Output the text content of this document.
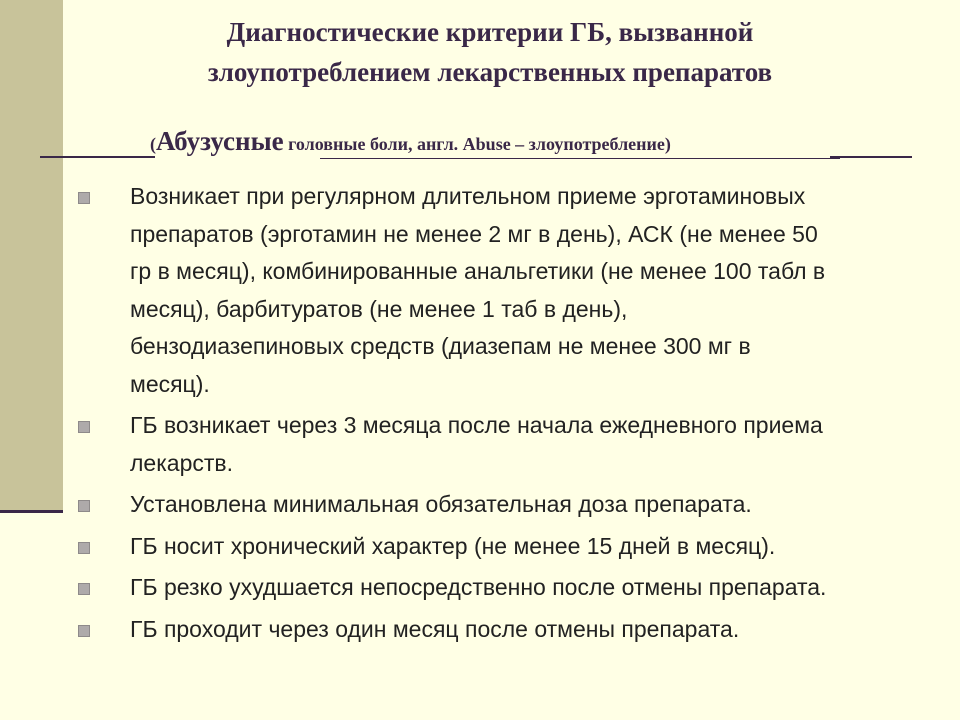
Диагностические критерии ГБ, вызванной
злоупотреблением лекарственных препаратов

(Абузусные головные боли, англ. Abuse – злоупотребление)

Возникает при регулярном длительном приеме эрготаминовых
препаратов (эрготамин не менее 2 мг в день), АСК (не менее 50
гр в месяц), комбинированные анальгетики (не менее 100 табл в
месяц), барбитуратов (не менее 1 таб в день),
бензодиазепиновых средств (диазепам не менее 300 мг в
месяц).
ГБ возникает через 3 месяца после начала ежедневного приема
лекарств.
Установлена минимальная обязательная доза препарата.
ГБ носит хронический характер (не менее 15 дней в месяц).
ГБ резко ухудшается непосредственно после отмены препарата.
ГБ проходит через один месяц после отмены препарата.
